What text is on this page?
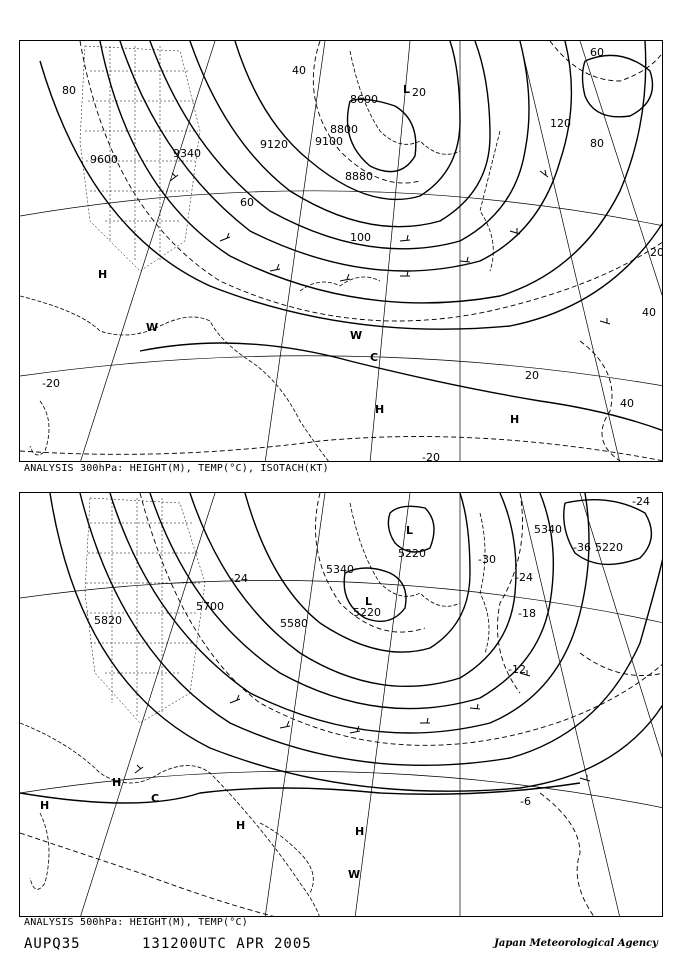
9600	9340
9120
8880
8600
9100
8800
80
40
60
120
100
80
60
40
20
20
40
20
-20
-20
H
H
H
L
W
W
C
ANALYSIS 300hPa: HEIGHT(M), TEMP(°C), ISOTACH(KT)
5820
5700
5580
5340
5220
5220
5340
5220
-24
-30
-24
-18
-12
-6
-36
-24
L
L
H
H	H
H
C
W
ANALYSIS 500hPa: HEIGHT(M), TEMP(°C)
AUPQ35	131200UTC APR 2005	Japan Meteorological Agency
